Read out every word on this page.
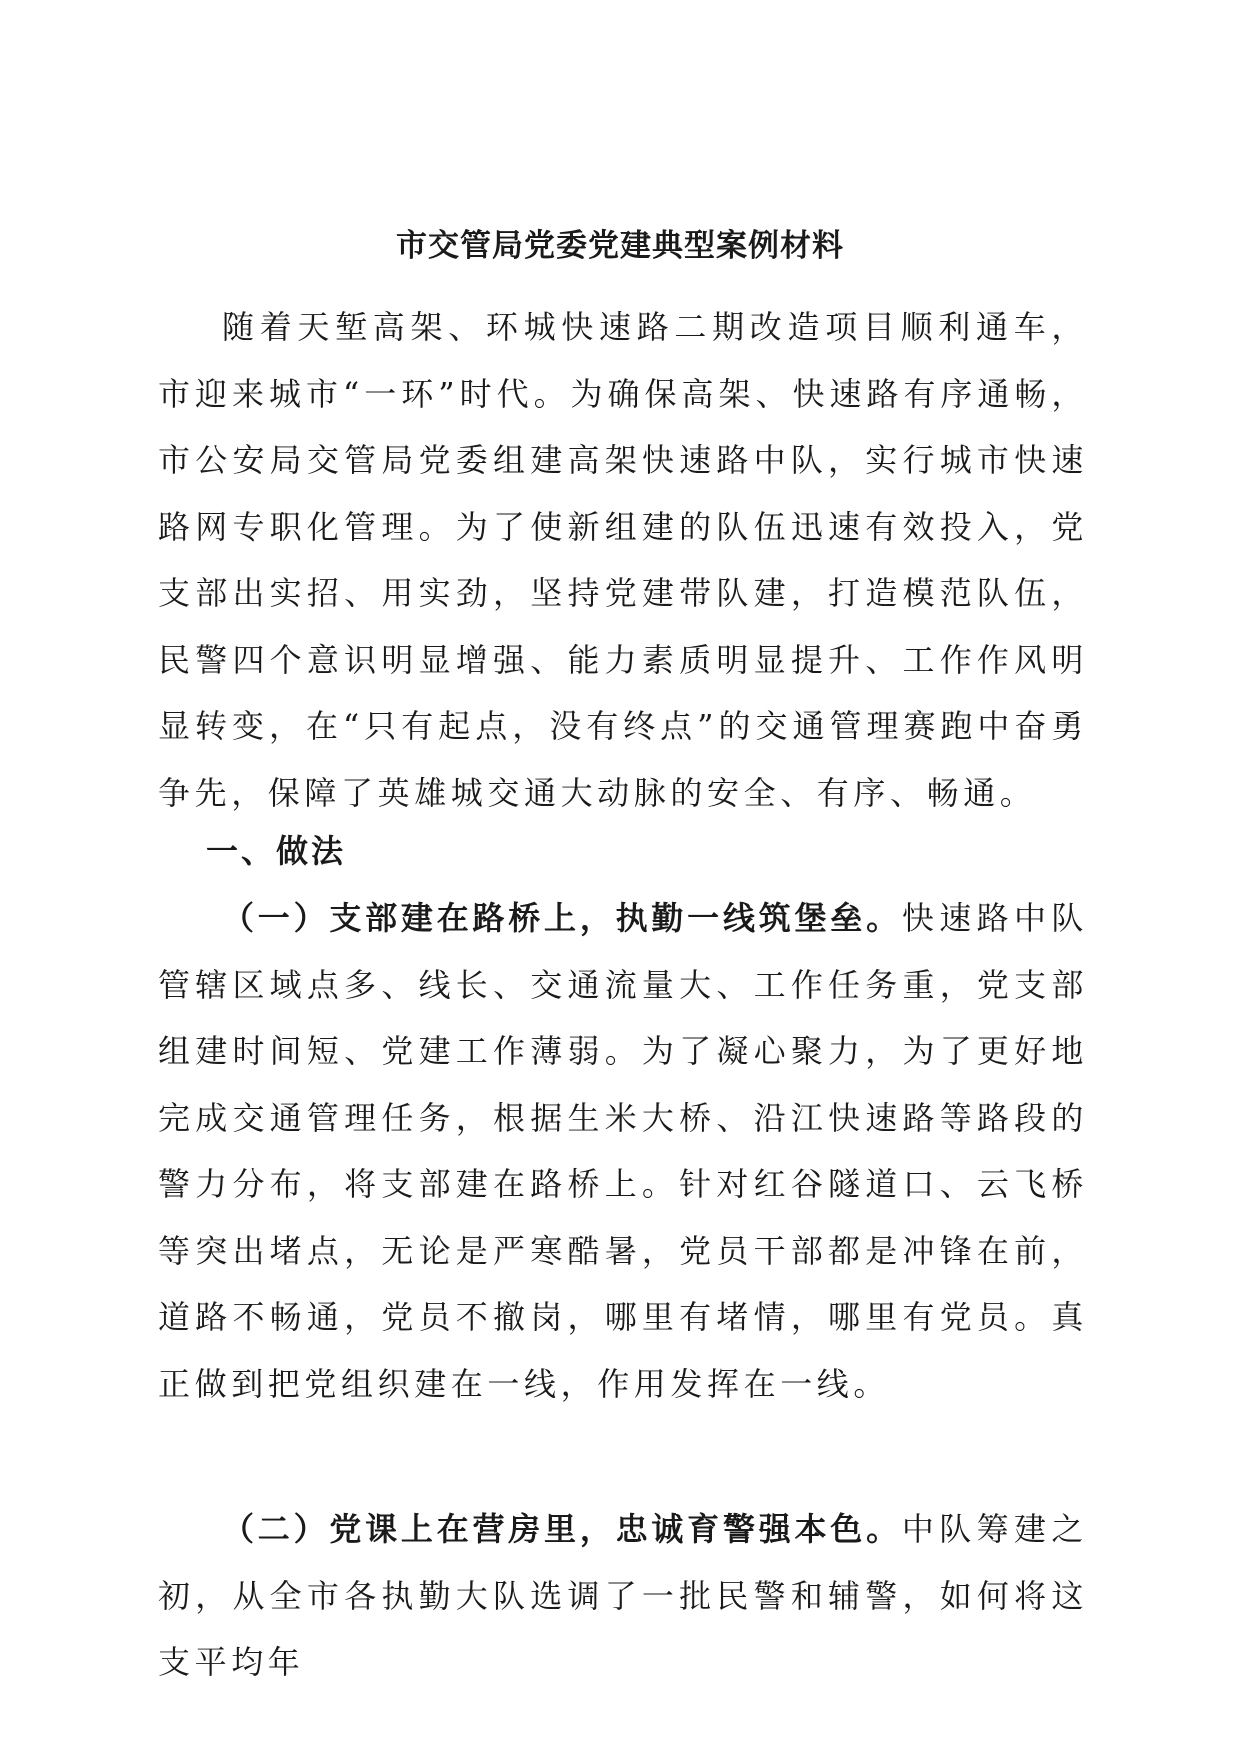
市交管局党委党建典型案例材料

随着天堑高架、环城快速路二期改造项目顺利通车，市迎来城市“一环”时代。为确保高架、快速路有序通畅，市公安局交管局党委组建高架快速路中队，实行城市快速路网专职化管理。为了使新组建的队伍迅速有效投入，党支部出实招、用实劲，坚持党建带队建，打造模范队伍，民警四个意识明显增强、能力素质明显提升、工作作风明显转变，在“只有起点，没有终点”的交通管理赛跑中奋勇争先，保障了英雄城交通大动脉的安全、有序、畅通。

一、做法

（一）支部建在路桥上，执勤一线筑堡垒。快速路中队管辖区域点多、线长、交通流量大、工作任务重，党支部组建时间短、党建工作薄弱。为了凝心聚力，为了更好地完成交通管理任务，根据生米大桥、沿江快速路等路段的警力分布，将支部建在路桥上。针对红谷隧道口、云飞桥等突出堵点，无论是严寒酷暑，党员干部都是冲锋在前，道路不畅通，党员不撤岗，哪里有堵情，哪里有党员。真正做到把党组织建在一线，作用发挥在一线。

（二）党课上在营房里，忠诚育警强本色。中队筹建之初，从全市各执勤大队选调了一批民警和辅警，如何将这支平均年
